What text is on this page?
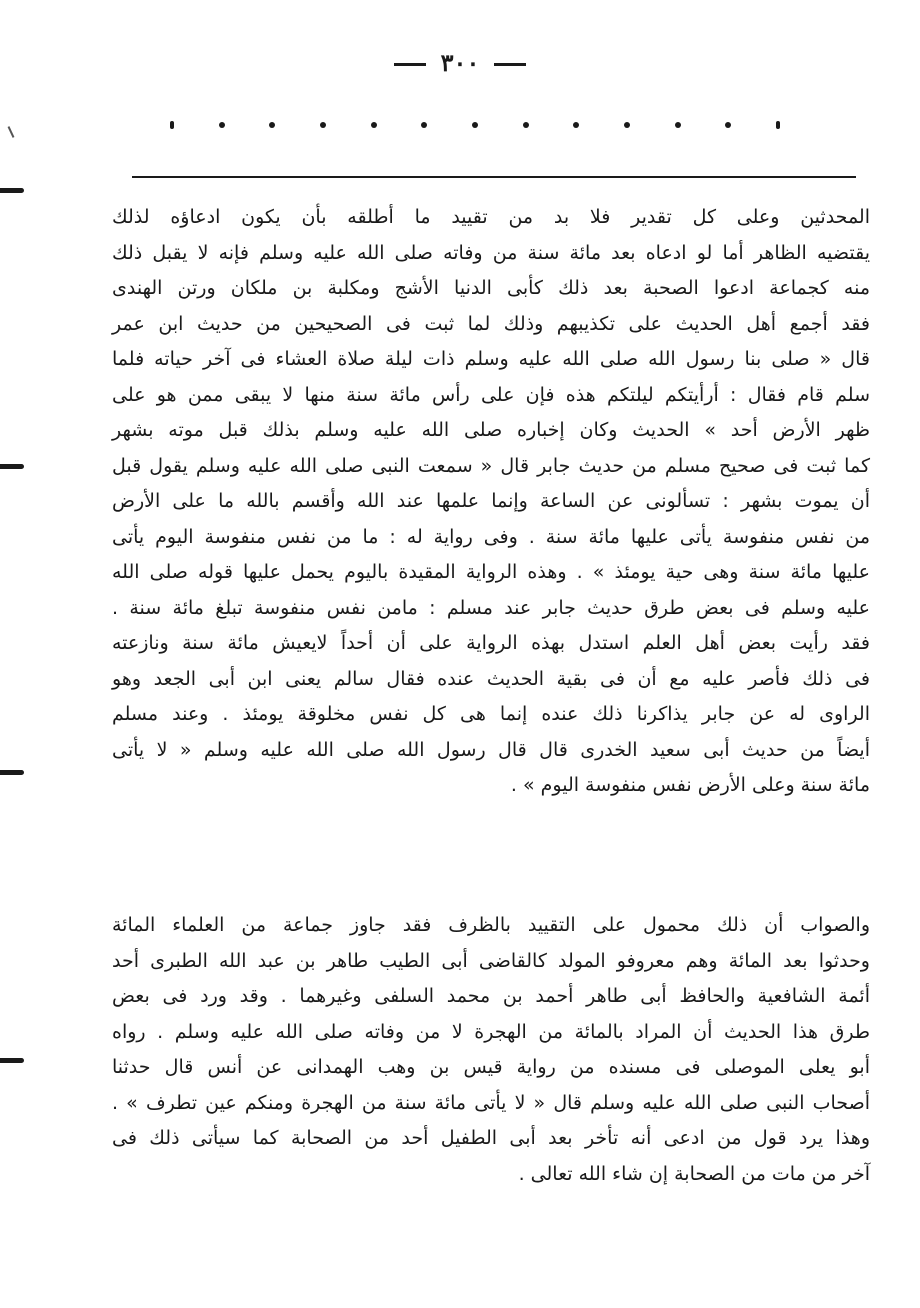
٣٠٠
المحدثين وعلى كل تقدير فلا بد من تقييد ما أطلقه بأن يكون ادعاؤه لذلك
يقتضيه الظاهر أما لو ادعاه بعد مائة سنة من وفاته صلى الله عليه وسلم فإنه لا يقبل ذلك
منه كجماعة ادعوا الصحبة بعد ذلك كأبى الدنيا الأشج ومكلبة بن ملكان ورتن الهندى
فقد أجمع أهل الحديث على تكذيبهم وذلك لما ثبت فى الصحيحين من حديث ابن عمر
قال « صلى بنا رسول الله صلى الله عليه وسلم ذات ليلة صلاة العشاء فى آخر حياته فلما
سلم قام فقال : أرأيتكم ليلتكم هذه فإن على رأس مائة سنة منها لا يبقى ممن هو على
ظهر الأرض أحد » الحديث وكان إخباره صلى الله عليه وسلم بذلك قبل موته بشهر
كما ثبت فى صحيح مسلم من حديث جابر قال « سمعت النبى صلى الله عليه وسلم يقول قبل
أن يموت بشهر : تسألونى عن الساعة وإنما علمها عند الله وأقسم بالله ما على الأرض
من نفس منفوسة يأتى عليها مائة سنة . وفى رواية له : ما من نفس منفوسة اليوم يأتى
عليها مائة سنة وهى حية يومئذ » . وهذه الرواية المقيدة باليوم يحمل عليها قوله صلى الله
عليه وسلم فى بعض طرق حديث جابر عند مسلم : مامن نفس منفوسة تبلغ مائة سنة .
فقد رأيت بعض أهل العلم استدل بهذه الرواية على أن أحداً لايعيش مائة سنة ونازعته
فى ذلك فأصر عليه مع أن فى بقية الحديث عنده فقال سالم يعنى ابن أبى الجعد وهو
الراوى له عن جابر يذاكرنا ذلك عنده إنما هى كل نفس مخلوقة يومئذ . وعند مسلم
أيضاً من حديث أبى سعيد الخدرى قال قال رسول الله صلى الله عليه وسلم « لا يأتى
مائة سنة وعلى الأرض نفس منفوسة اليوم » .
والصواب أن ذلك محمول على التقييد بالظرف فقد جاوز جماعة من العلماء المائة
وحدثوا بعد المائة وهم معروفو المولد كالقاضى أبى الطيب طاهر بن عبد الله الطبرى أحد
أئمة الشافعية والحافظ أبى طاهر أحمد بن محمد السلفى وغيرهما . وقد ورد فى بعض
طرق هذا الحديث أن المراد بالمائة من الهجرة لا من وفاته صلى الله عليه وسلم . رواه
أبو يعلى الموصلى فى مسنده من رواية قيس بن وهب الهمدانى عن أنس قال حدثنا
أصحاب النبى صلى الله عليه وسلم قال « لا يأتى مائة سنة من الهجرة ومنكم عين تطرف » .
وهذا يرد قول من ادعى أنه تأخر بعد أبى الطفيل أحد من الصحابة كما سيأتى ذلك فى
آخر من مات من الصحابة إن شاء الله تعالى .
